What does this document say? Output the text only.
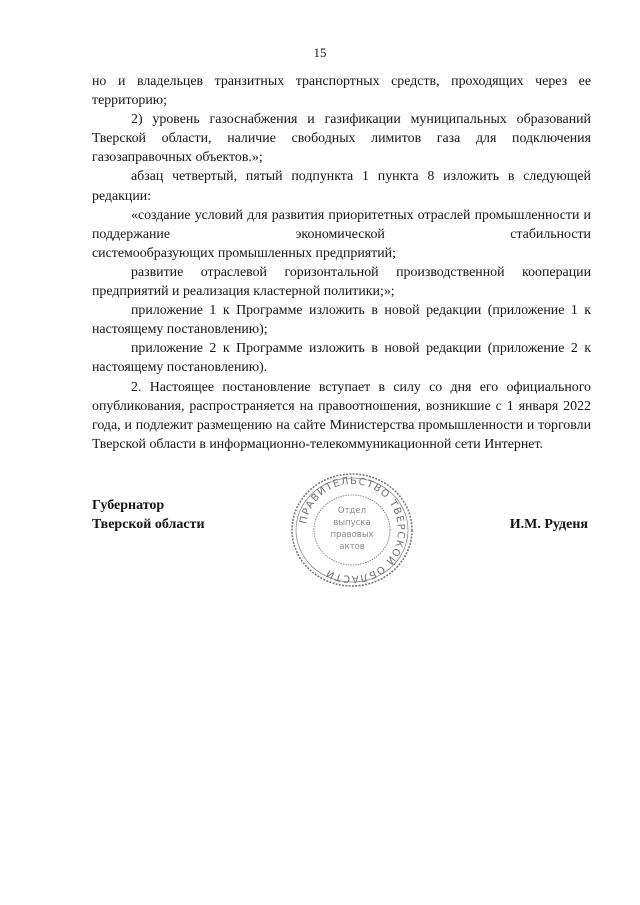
15

но и владельцев транзитных транспортных средств, проходящих через ее территорию;

2) уровень газоснабжения и газификации муниципальных образований Тверской области, наличие свободных лимитов газа для подключения газозаправочных объектов.»;

абзац четвертый, пятый подпункта 1 пункта 8 изложить в следующей редакции:

«создание условий для развития приоритетных отраслей промышленности и поддержание экономической стабильности

системообразующих промышленных предприятий;

развитие отраслевой горизонтальной производственной кооперации предприятий и реализация кластерной политики;»;

приложение 1 к Программе изложить в новой редакции (приложение 1 к настоящему постановлению);

приложение 2 к Программе изложить в новой редакции (приложение 2 к настоящему постановлению).

2. Настоящее постановление вступает в силу со дня его официального опубликования, распространяется на правоотношения, возникшие с 1 января 2022 года, и подлежит размещению на сайте Министерства промышленности и торговли Тверской области в информационно-телекоммуникационной сети Интернет.

Губернатор
Тверской области	ПРАВИТЕЛЬСТВО ТВЕРСКОЙ ОБЛАСТИ
Отдел
выпуска
правовых
актов
И.М. Руденя
